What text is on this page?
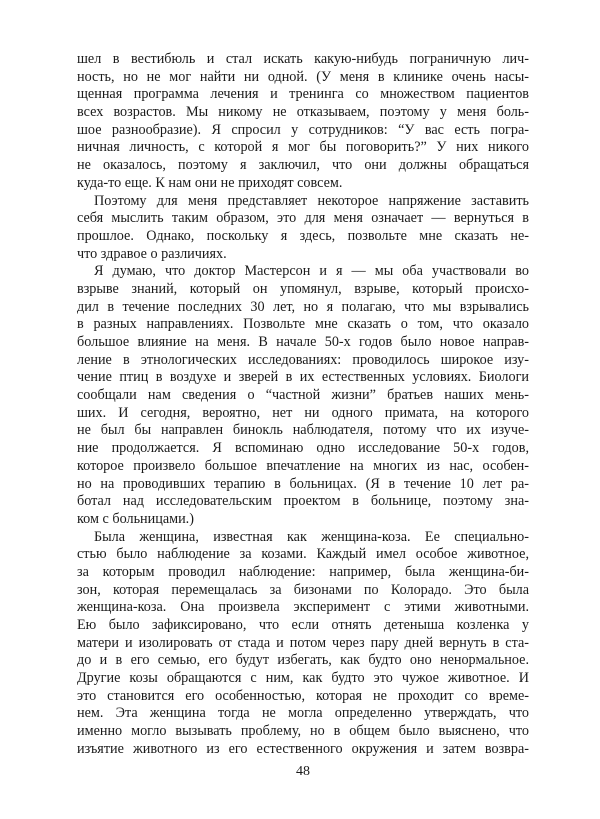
шел в вестибюль и стал искать какую-нибудь пограничную лич-
ность, но не мог найти ни одной. (У меня в клинике очень насы-
щенная программа лечения и тренинга со множеством пациентов
всех возрастов. Мы никому не отказываем, поэтому у меня боль-
шое разнообразие). Я спросил у сотрудников: “У вас есть погра-
ничная личность, с которой я мог бы поговорить?” У них никого
не оказалось, поэтому я заключил, что они должны обращаться
куда-то еще. К нам они не приходят совсем.
Поэтому для меня представляет некоторое напряжение заставить
себя мыслить таким образом, это для меня означает — вернуться в
прошлое. Однако, поскольку я здесь, позвольте мне сказать не-
что здравое о различиях.
Я думаю, что доктор Мастерсон и я — мы оба участвовали во
взрыве знаний, который он упомянул, взрыве, который происхо-
дил в течение последних 30 лет, но я полагаю, что мы взрывались
в разных направлениях. Позвольте мне сказать о том, что оказало
большое влияние на меня. В начале 50-х годов было новое направ-
ление в этнологических исследованиях: проводилось широкое изу-
чение птиц в воздухе и зверей в их естественных условиях. Биологи
сообщали нам сведения о “частной жизни” братьев наших мень-
ших. И сегодня, вероятно, нет ни одного примата, на которого
не был бы направлен бинокль наблюдателя, потому что их изуче-
ние продолжается. Я вспоминаю одно исследование 50-х годов,
которое произвело большое впечатление на многих из нас, особен-
но на проводивших терапию в больницах. (Я в течение 10 лет ра-
ботал над исследовательским проектом в больнице, поэтому зна-
ком с больницами.)
Была женщина, известная как женщина-коза. Ее специально-
стью было наблюдение за козами. Каждый имел особое животное,
за которым проводил наблюдение: например, была женщина-би-
зон, которая перемещалась за бизонами по Колорадо. Это была
женщина-коза. Она произвела эксперимент с этими животными.
Ею было зафиксировано, что если отнять детеныша козленка у
матери и изолировать от стада и потом через пару дней вернуть в ста-
до и в его семью, его будут избегать, как будто оно ненормальное.
Другие козы обращаются с ним, как будто это чужое животное. И
это становится его особенностью, которая не проходит со време-
нем. Эта женщина тогда не могла определенно утверждать, что
именно могло вызывать проблему, но в общем было выяснено, что
изъятие животного из его естественного окружения и затем возвра-
48
